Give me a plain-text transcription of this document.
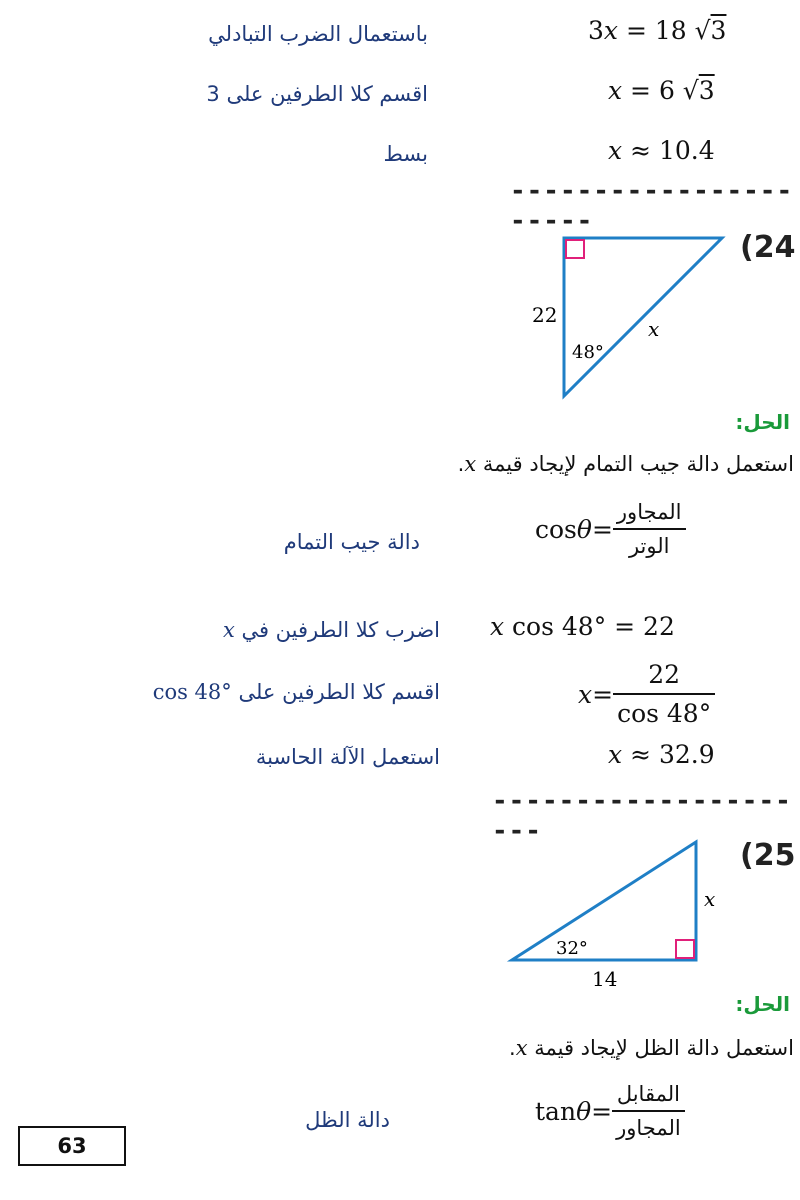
3x = 18 √3
باستعمال الضرب التبادلي
x = 6 √3
اقسم كلا الطرفين على 3
x ≈ 10.4
بسط
----------------------
(24
22
48°
x
الحل:
استعمل دالة جيب التمام لإيجاد قيمة x.
$\cos \theta = \frac{\text{المجاور}}{\text{الوتر}}$
دالة جيب التمام
x cos 48° = 22
اضرب كلا الطرفين في x
$x = \frac{22}{\cos 48^\circ}$
اقسم كلا الطرفين على cos 48°
x ≈ 32.9
استعمل الآلة الحاسبة
---------------------
(25
x
32°
14
الحل:
استعمل دالة الظل لإيجاد قيمة x.
$\tan \theta = \frac{\text{المقابل}}{\text{المجاور}}$
دالة الظل
63
